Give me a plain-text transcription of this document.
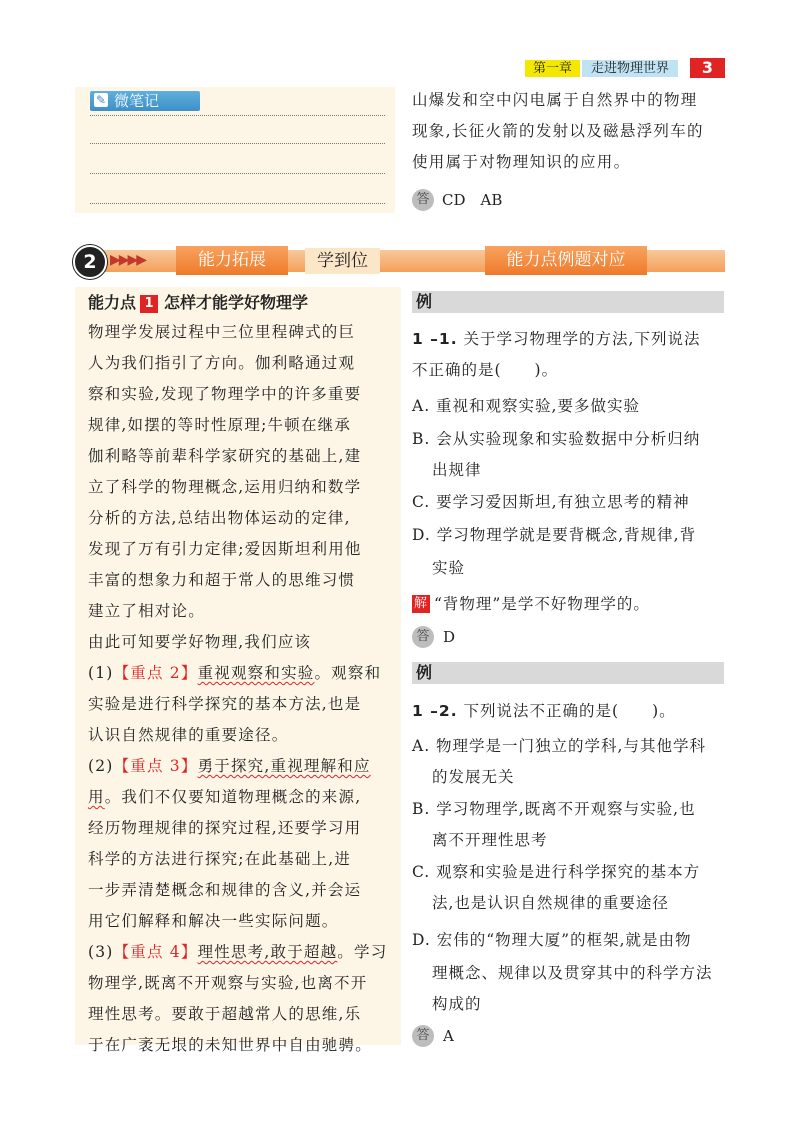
第一章	走进物理世界	3
✎ 微笔记	山爆发和空中闪电属于自然界中的物理
现象,长征火箭的发射以及磁悬浮列车的
使用属于对物理知识的应用。
答 CD　AB
2 ▶▶▶▶	能力拓展	学到位	能力点例题对应
能力点 1 怎样才能学好物理学
物理学发展过程中三位里程碑式的巨
人为我们指引了方向。伽利略通过观
察和实验,发现了物理学中的许多重要
规律,如摆的等时性原理;牛顿在继承
伽利略等前辈科学家研究的基础上,建
立了科学的物理概念,运用归纳和数学
分析的方法,总结出物体运动的定律,
发现了万有引力定律;爱因斯坦利用他
丰富的想象力和超于常人的思维习惯
建立了相对论。
由此可知要学好物理,我们应该
(1)【重点 2】重视观察和实验。观察和
实验是进行科学探究的基本方法,也是
认识自然规律的重要途径。
(2)【重点 3】勇于探究,重视理解和应
用。我们不仅要知道物理概念的来源,
经历物理规律的探究过程,还要学习用
科学的方法进行探究;在此基础上,进
一步弄清楚概念和规律的含义,并会运
用它们解释和解决一些实际问题。
(3)【重点 4】理性思考,敢于超越。学习
物理学,既离不开观察与实验,也离不开
理性思考。要敢于超越常人的思维,乐
于在广袤无垠的未知世界中自由驰骋。
例
1 –1. 关于学习物理学的方法,下列说法
不正确的是(　　)。
A. 重视和观察实验,要多做实验
B. 会从实验现象和实验数据中分析归纳
出规律
C. 要学习爱因斯坦,有独立思考的精神
D. 学习物理学就是要背概念,背规律,背
实验
解 “背物理”是学不好物理学的。
答 D
例
1 –2. 下列说法不正确的是(　　)。
A. 物理学是一门独立的学科,与其他学科
的发展无关
B. 学习物理学,既离不开观察与实验,也
离不开理性思考
C. 观察和实验是进行科学探究的基本方
法,也是认识自然规律的重要途径
D. 宏伟的“物理大厦”的框架,就是由物
理概念、规律以及贯穿其中的科学方法
构成的
答 A
